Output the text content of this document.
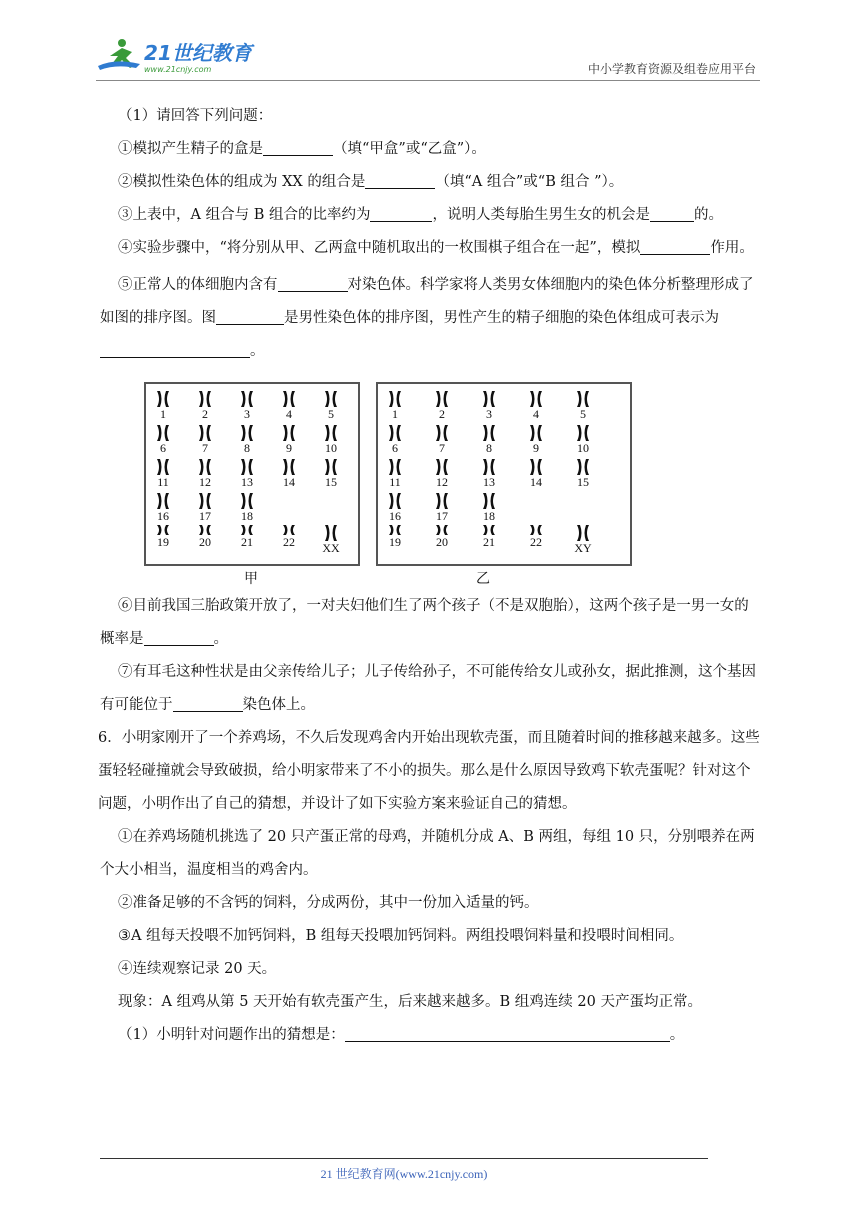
21世纪教育
www.21cnjy.com	中小学教育资源及组卷应用平台

（1）请回答下列问题：

①模拟产生精子的盒是	（填“甲盒”或“乙盒”）。

②模拟性染色体的组成为 XX 的组合是	（填“A 组合”或“B 组合 ”）。

③上表中，A 组合与 B 组合的比率约为	，说明人类每胎生男生女的机会是	的。

④实验步骤中，“将分别从甲、乙两盒中随机取出的一枚围棋子组合在一起”，模拟	作用。

⑤正常人的体细胞内含有	对染色体。科学家将人类男女体细胞内的染色体分析整理形成了如图的排序图。图	是男性染色体的排序图，男性产生的精子细胞的染色体组成可表示为。

1	2	3	4	5
6	7	8	9	10
11	12	13	14	15
16	17	18
19	20	21	22	XX
甲
1	2	3	4	5
6	7	8	9	10
11	12	13	14	15
16	17	18
19	20	21	22	XY
乙

⑥目前我国三胎政策开放了，一对夫妇他们生了两个孩子（不是双胞胎），这两个孩子是一男一女的概率是	。

⑦有耳毛这种性状是由父亲传给儿子；儿子传给孙子，不可能传给女儿或孙女，据此推测，这个基因有可能位于	染色体上。

6．小明家刚开了一个养鸡场，不久后发现鸡舍内开始出现软壳蛋，而且随着时间的推移越来越多。这些蛋轻轻碰撞就会导致破损，给小明家带来了不小的损失。那么是什么原因导致鸡下软壳蛋呢？针对这个问题，小明作出了自己的猜想，并设计了如下实验方案来验证自己的猜想。

①在养鸡场随机挑选了 20 只产蛋正常的母鸡，并随机分成 A、B 两组，每组 10 只，分别喂养在两个大小相当，温度相当的鸡舍内。

②准备足够的不含钙的饲料，分成两份，其中一份加入适量的钙。

③A 组每天投喂不加钙饲料，B 组每天投喂加钙饲料。两组投喂饲料量和投喂时间相同。

④连续观察记录 20 天。

现象：A 组鸡从第 5 天开始有软壳蛋产生，后来越来越多。B 组鸡连续 20 天产蛋均正常。

（1）小明针对问题作出的猜想是：	。

21 世纪教育网(www.21cnjy.com)
